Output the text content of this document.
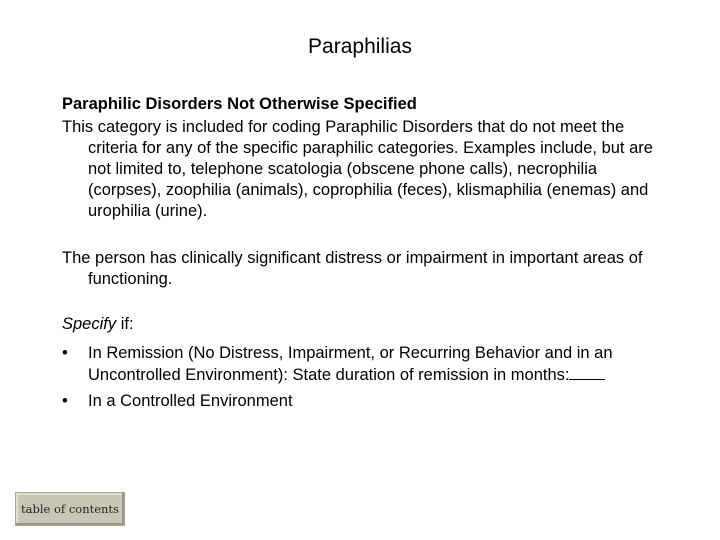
Paraphilias

Paraphilic Disorders Not Otherwise Specified

This category is included for coding Paraphilic Disorders that do not meet the criteria for any of the specific paraphilic categories. Examples include, but are not limited to, telephone scatologia (obscene phone calls), necrophilia (corpses), zoophilia (animals), coprophilia (feces), klismaphilia (enemas) and urophilia (urine).

The person has clinically significant distress or impairment in important areas of functioning.

Specify if:

•	In Remission (No Distress, Impairment, or Recurring Behavior and in an Uncontrolled Environment): State duration of remission in months:
•	In a Controlled Environment
table of contents
